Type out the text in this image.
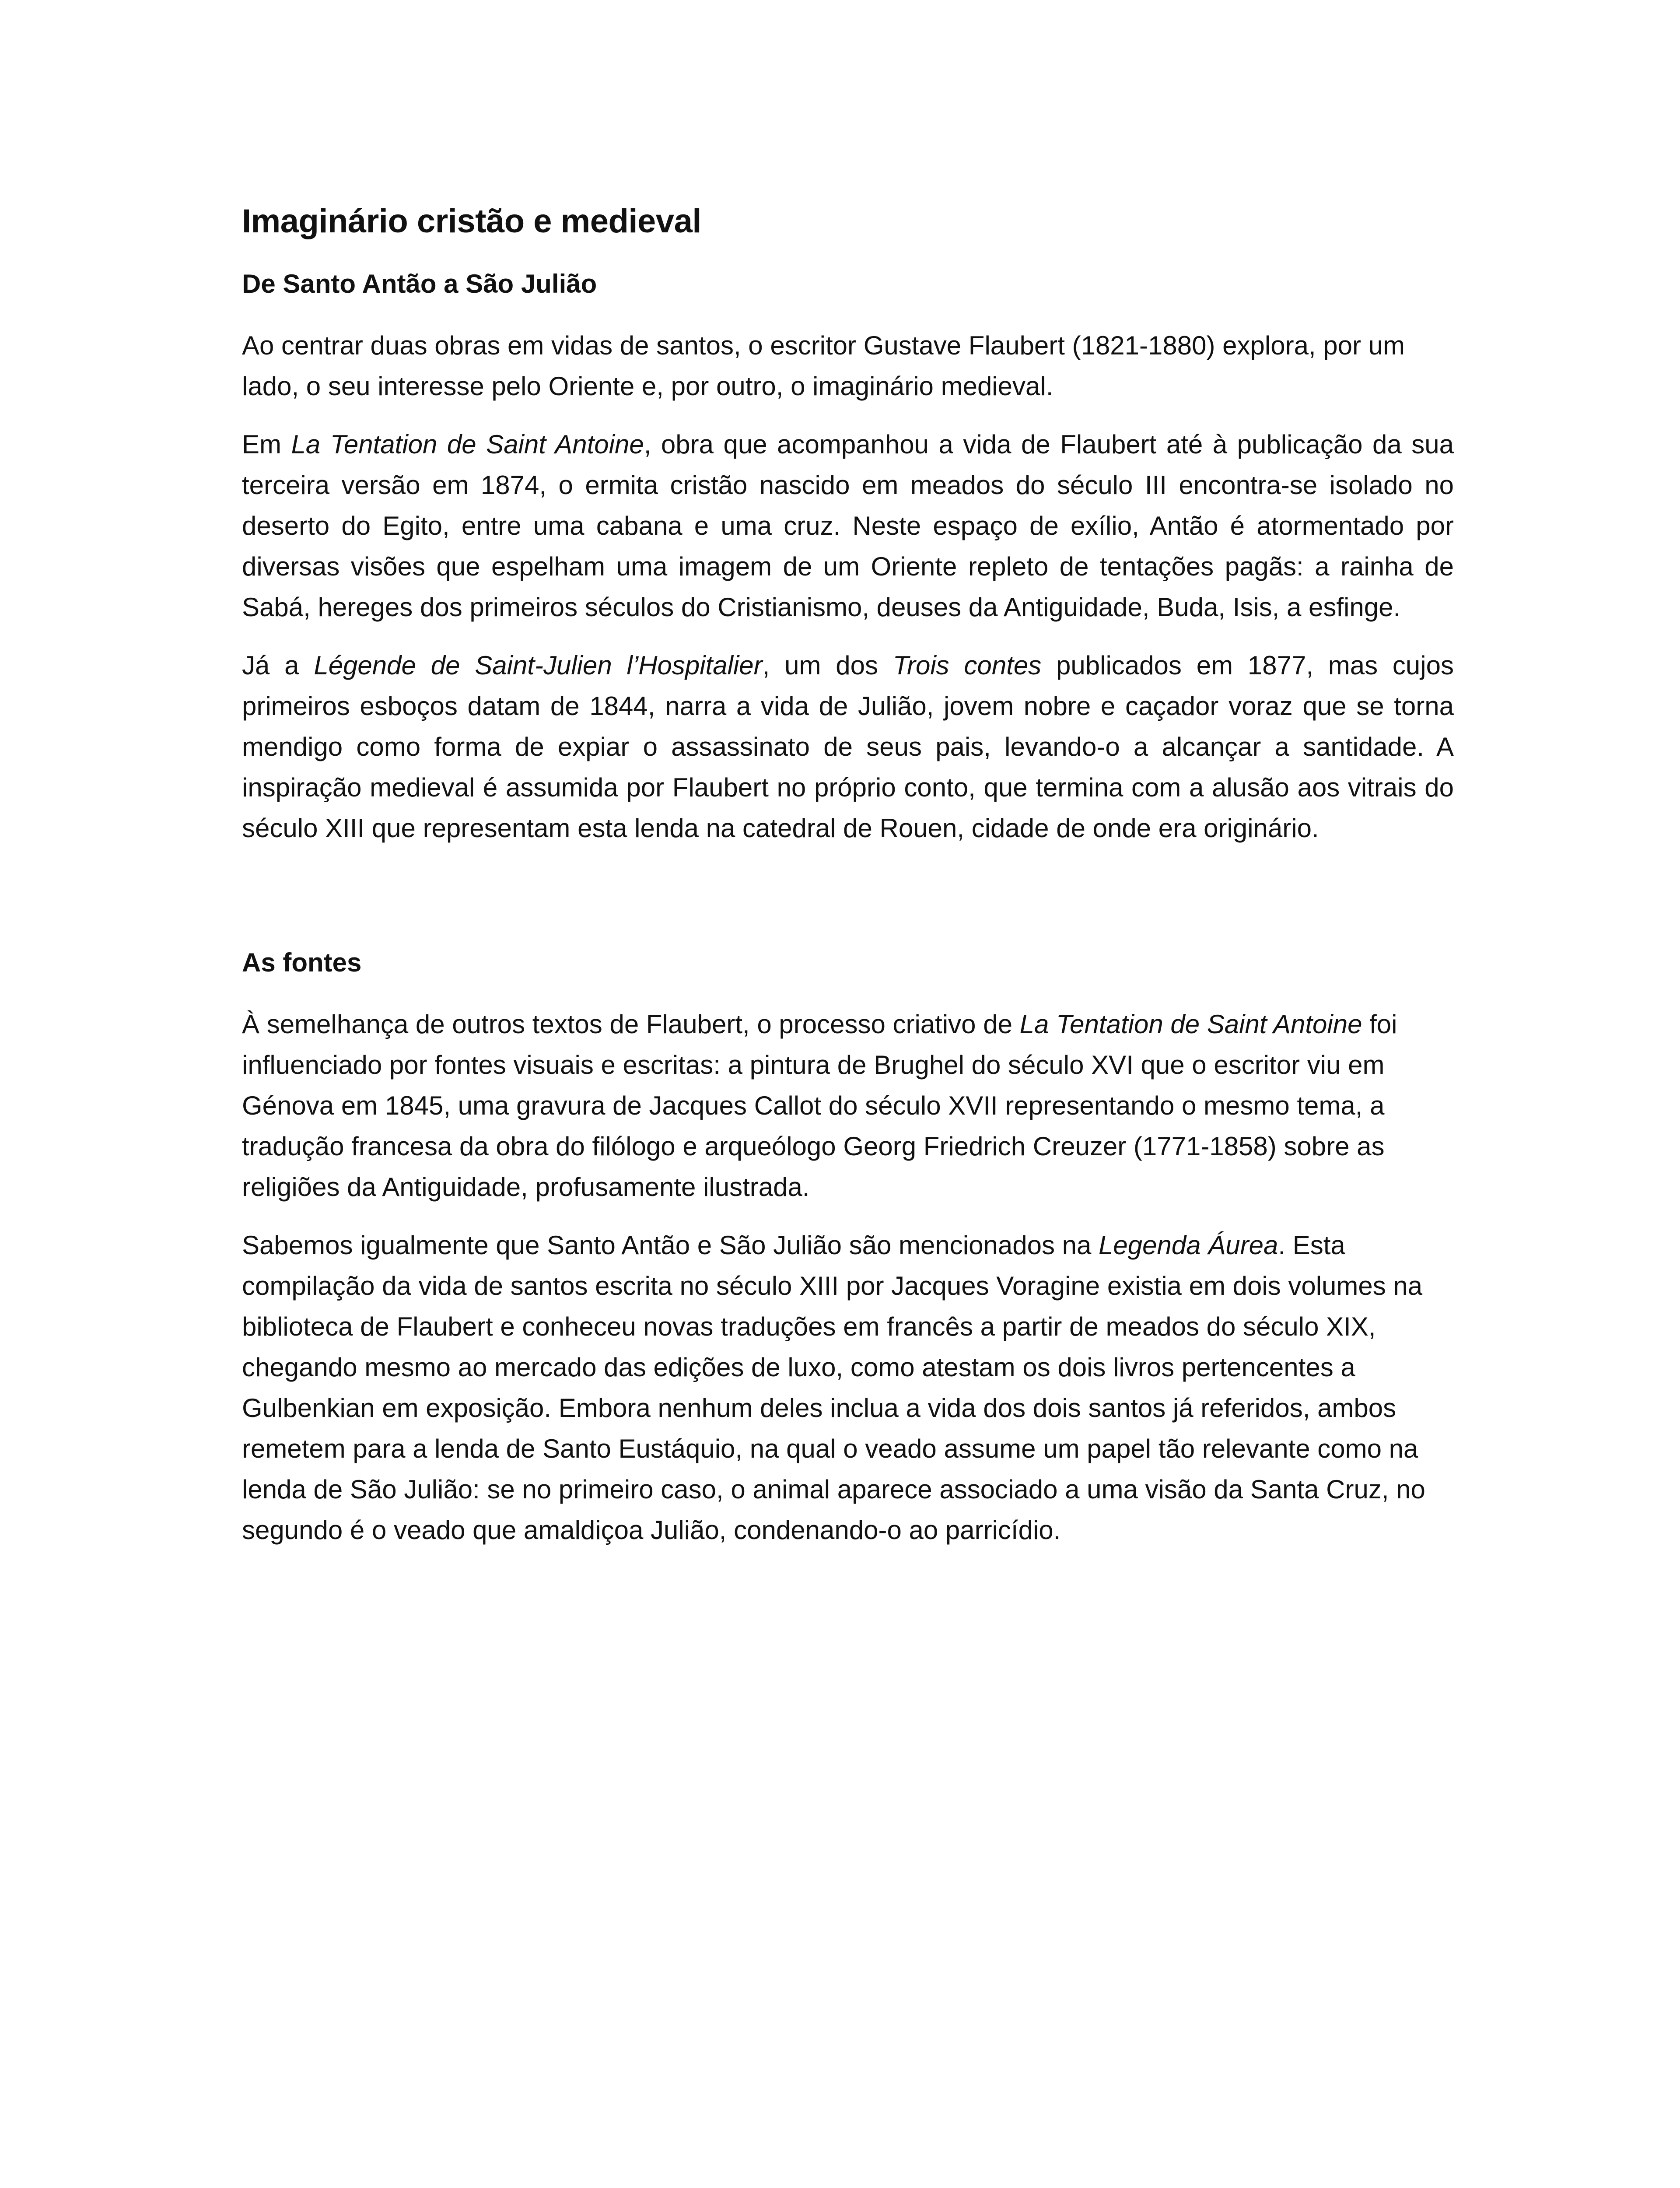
Imaginário cristão e medieval
De Santo Antão a São Julião

Ao centrar duas obras em vidas de santos, o escritor Gustave Flaubert (1821-1880) explora, por um lado, o seu interesse pelo Oriente e, por outro, o imaginário medieval.

Em La Tentation de Saint Antoine, obra que acompanhou a vida de Flaubert até à publicação da sua terceira versão em 1874, o ermita cristão nascido em meados do século III encontra-se isolado no deserto do Egito, entre uma cabana e uma cruz. Neste espaço de exílio, Antão é atormentado por diversas visões que espelham uma imagem de um Oriente repleto de tentações pagãs: a rainha de Sabá, hereges dos primeiros séculos do Cristianismo, deuses da Antiguidade, Buda, Isis, a esfinge.

Já a Légende de Saint-Julien l’Hospitalier, um dos Trois contes publicados em 1877, mas cujos primeiros esboços datam de 1844, narra a vida de Julião, jovem nobre e caçador voraz que se torna mendigo como forma de expiar o assassinato de seus pais, levando-o a alcançar a santidade. A inspiração medieval é assumida por Flaubert no próprio conto, que termina com a alusão aos vitrais do século XIII que representam esta lenda na catedral de Rouen, cidade de onde era originário.

As fontes

À semelhança de outros textos de Flaubert, o processo criativo de La Tentation de Saint Antoine foi influenciado por fontes visuais e escritas: a pintura de Brughel do século XVI que o escritor viu em Génova em 1845, uma gravura de Jacques Callot do século XVII representando o mesmo tema, a tradução francesa da obra do filólogo e arqueólogo Georg Friedrich Creuzer (1771-1858) sobre as religiões da Antiguidade, profusamente ilustrada.

Sabemos igualmente que Santo Antão e São Julião são mencionados na Legenda Áurea. Esta compilação da vida de santos escrita no século XIII por Jacques Voragine existia em dois volumes na biblioteca de Flaubert e conheceu novas traduções em francês a partir de meados do século XIX, chegando mesmo ao mercado das edições de luxo, como atestam os dois livros pertencentes a Gulbenkian em exposição. Embora nenhum deles inclua a vida dos dois santos já referidos, ambos remetem para a lenda de Santo Eustáquio, na qual o veado assume um papel tão relevante como na lenda de São Julião: se no primeiro caso, o animal aparece associado a uma visão da Santa Cruz, no segundo é o veado que amaldiçoa Julião, condenando-o ao parricídio.
